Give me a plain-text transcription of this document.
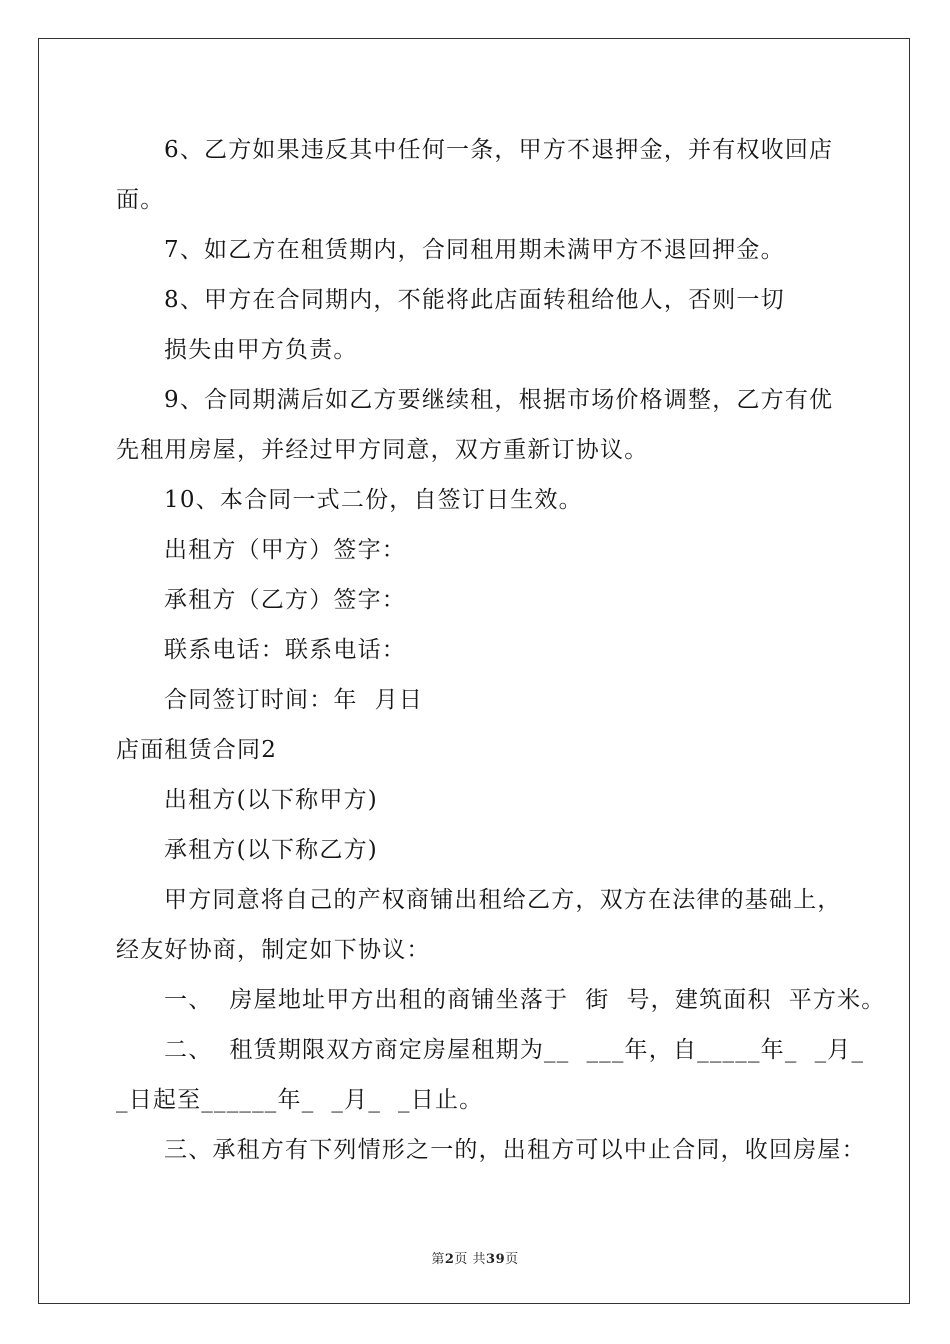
6、乙方如果违反其中任何一条，甲方不退押金，并有权收回店
面。
7、如乙方在租赁期内，合同租用期未满甲方不退回押金。
8、甲方在合同期内，不能将此店面转租给他人，否则一切
损失由甲方负责。
9、合同期满后如乙方要继续租，根据市场价格调整，乙方有优
先租用房屋，并经过甲方同意，双方重新订协议。
10、本合同一式二份，自签订日生效。
出租方（甲方）签字：
承租方（乙方）签字：
联系电话：联系电话：
合同签订时间：年  月日
店面租赁合同2
出租方(以下称甲方)
承租方(以下称乙方)
甲方同意将自己的产权商铺出租给乙方，双方在法律的基础上，
经友好协商，制定如下协议：
一、  房屋地址甲方出租的商铺坐落于  街  号，建筑面积  平方米。
二、  租赁期限双方商定房屋租期为__  ___年，自_____年_  _月_
_日起至______年_  _月_  _日止。
三、承租方有下列情形之一的，出租方可以中止合同，收回房屋：
第2页 共39页
